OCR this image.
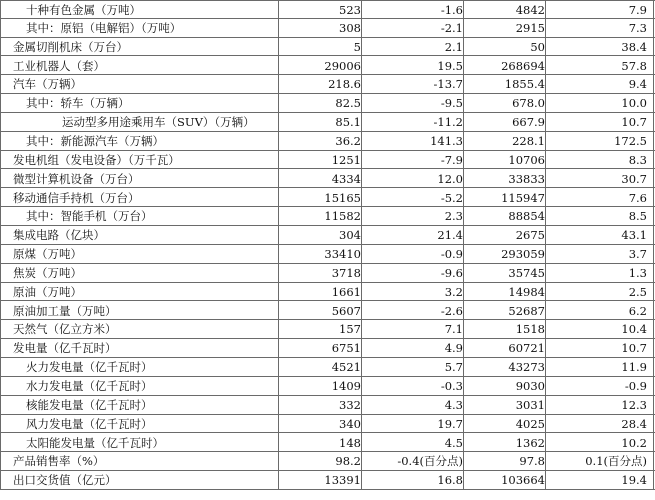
十种有色金属（万吨）	523	-1.6	4842	7.9
其中：原铝（电解铝）（万吨）	308	-2.1	2915	7.3
金属切削机床（万台）	5	2.1	50	38.4
工业机器人（套）	29006	19.5	268694	57.8
汽车（万辆）	218.6	-13.7	1855.4	9.4
其中：轿车（万辆）	82.5	-9.5	678.0	10.0
运动型多用途乘用车（SUV）（万辆）	85.1	-11.2	667.9	10.7
其中：新能源汽车（万辆）	36.2	141.3	228.1	172.5
发电机组（发电设备）（万千瓦）	1251	-7.9	10706	8.3
微型计算机设备（万台）	4334	12.0	33833	30.7
移动通信手持机（万台）	15165	-5.2	115947	7.6
其中：智能手机（万台）	11582	2.3	88854	8.5
集成电路（亿块）	304	21.4	2675	43.1
原煤（万吨）	33410	-0.9	293059	3.7
焦炭（万吨）	3718	-9.6	35745	1.3
原油（万吨）	1661	3.2	14984	2.5
原油加工量（万吨）	5607	-2.6	52687	6.2
天然气（亿立方米）	157	7.1	1518	10.4
发电量（亿千瓦时）	6751	4.9	60721	10.7
火力发电量（亿千瓦时）	4521	5.7	43273	11.9
水力发电量（亿千瓦时）	1409	-0.3	9030	-0.9
核能发电量（亿千瓦时）	332	4.3	3031	12.3
风力发电量（亿千瓦时）	340	19.7	4025	28.4
太阳能发电量（亿千瓦时）	148	4.5	1362	10.2
产品销售率（%）	98.2	-0.4(百分点)	97.8	0.1(百分点)
出口交货值（亿元）	13391	16.8	103664	19.4
